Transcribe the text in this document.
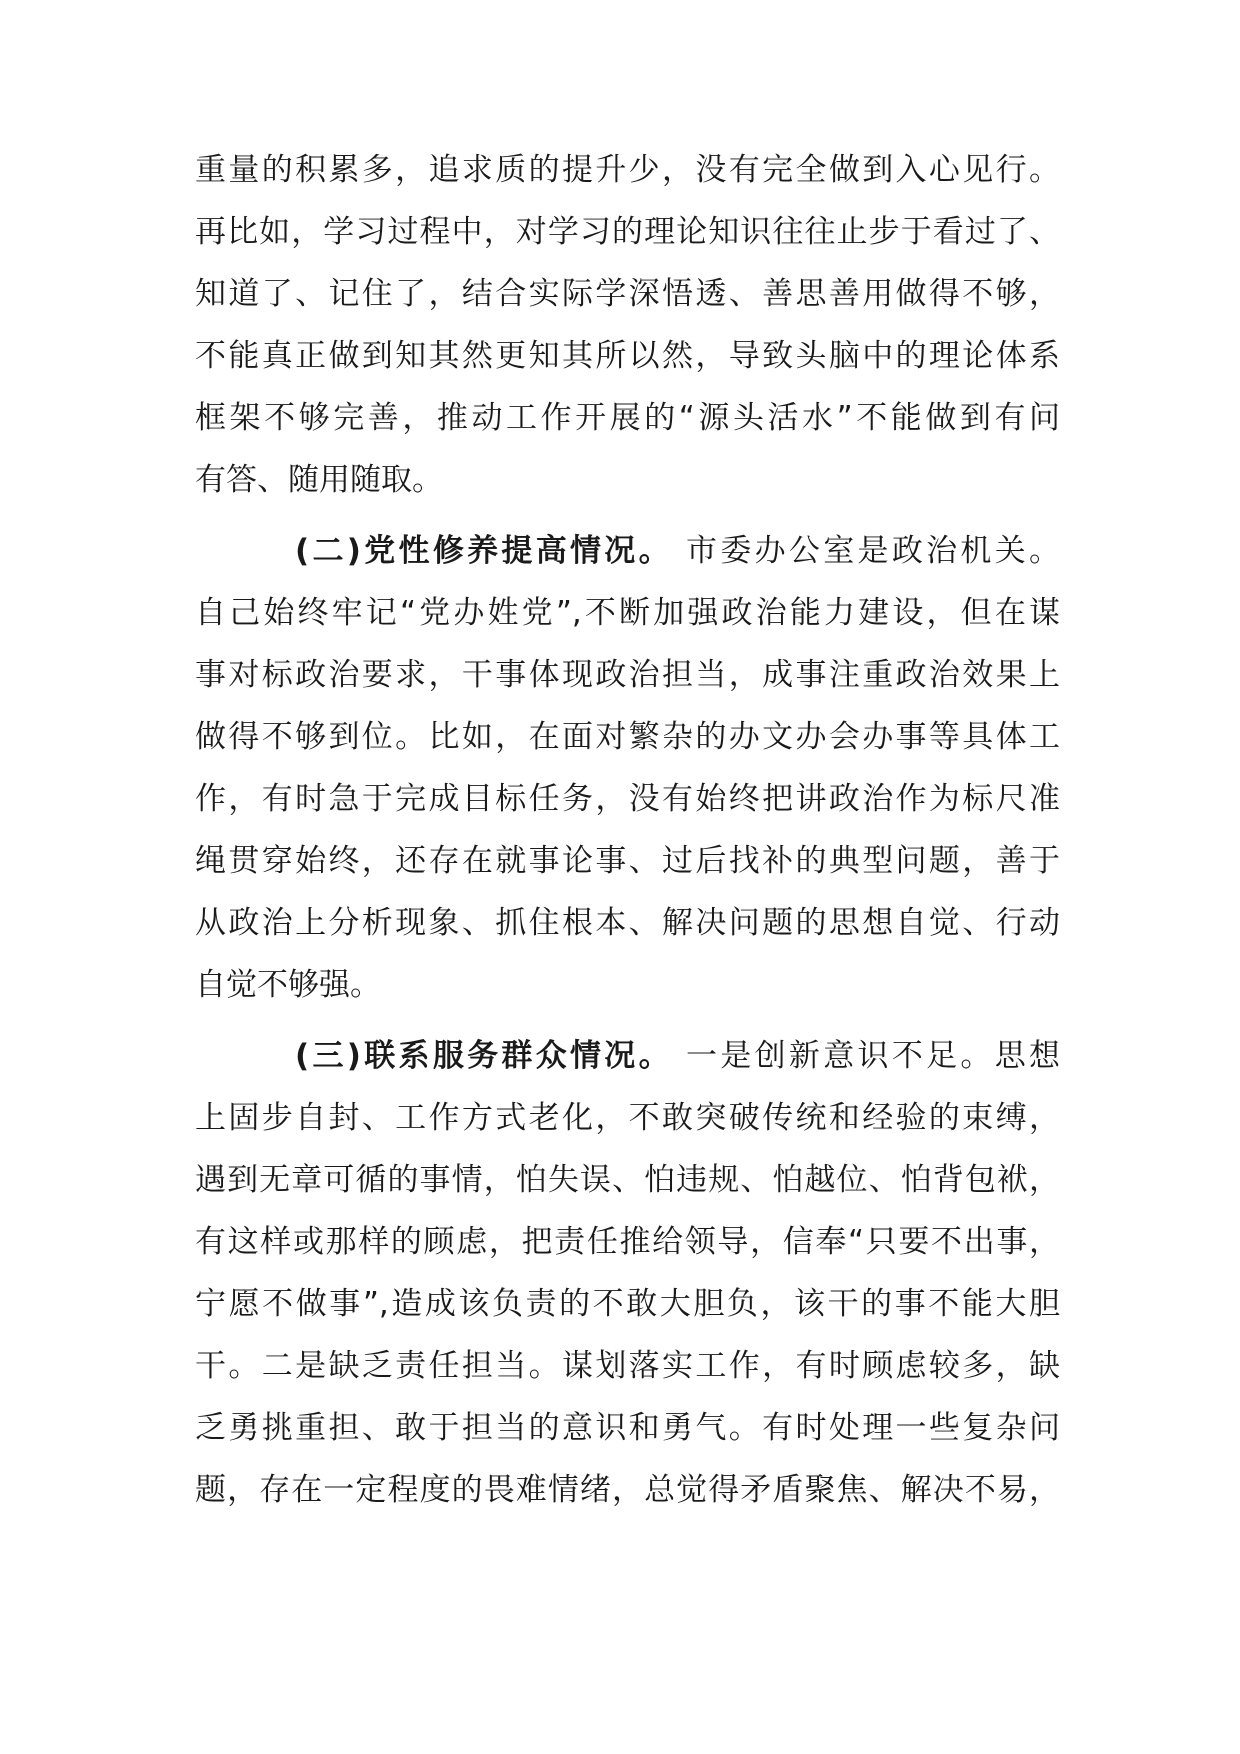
重量的积累多，追求质的提升少，没有完全做到入心见行。
再比如，学习过程中，对学习的理论知识往往止步于看过了、
知道了、记住了，结合实际学深悟透、善思善用做得不够，
不能真正做到知其然更知其所以然，导致头脑中的理论体系
框架不够完善，推动工作开展的“源头活水”不能做到有问
有答、随用随取。
(二)党性修养提高情况。 市委办公室是政治机关。
自己始终牢记“党办姓党”,不断加强政治能力建设，但在谋
事对标政治要求，干事体现政治担当，成事注重政治效果上
做得不够到位。比如，在面对繁杂的办文办会办事等具体工
作，有时急于完成目标任务，没有始终把讲政治作为标尺准
绳贯穿始终，还存在就事论事、过后找补的典型问题，善于
从政治上分析现象、抓住根本、解决问题的思想自觉、行动
自觉不够强。
(三)联系服务群众情况。 一是创新意识不足。思想
上固步自封、工作方式老化，不敢突破传统和经验的束缚，
遇到无章可循的事情，怕失误、怕违规、怕越位、怕背包袱，
有这样或那样的顾虑，把责任推给领导，信奉“只要不出事，
宁愿不做事”,造成该负责的不敢大胆负，该干的事不能大胆
干。二是缺乏责任担当。谋划落实工作，有时顾虑较多，缺
乏勇挑重担、敢于担当的意识和勇气。有时处理一些复杂问
题，存在一定程度的畏难情绪，总觉得矛盾聚焦、解决不易，
